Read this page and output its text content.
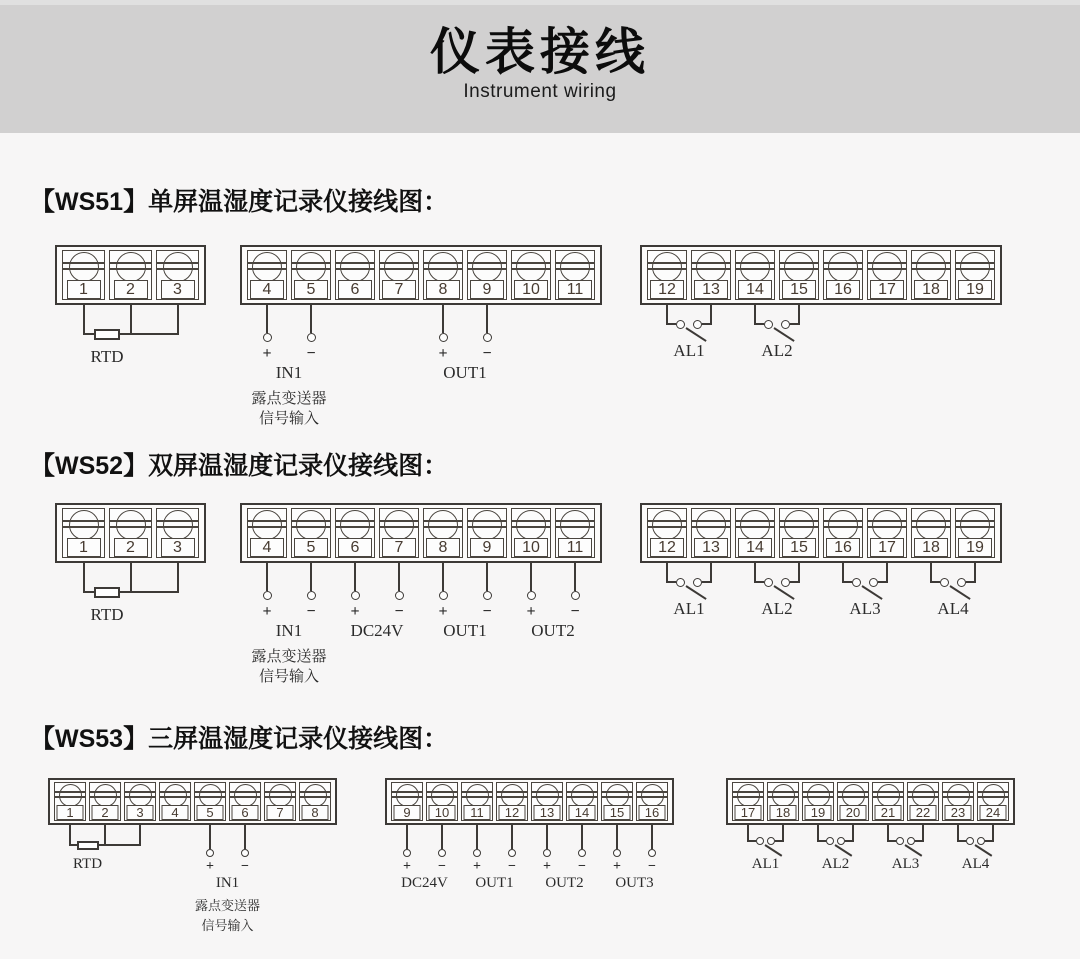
仪表接线
Instrument wiring
【WS51】单屏温湿度记录仪接线图：
1	2	3
RTD
4	5	6	7	8	9	10	11
+ −
IN1
露点变送器
信号输入
+ −
OUT1
12	13	14	15	16	17	18	19
AL1	AL2
【WS52】双屏温湿度记录仪接线图：
1	2	3
RTD
4	5	6	7	8	9	10	11
+ −
IN1
露点变送器
信号输入
+ −
DC24V
+ −
OUT1
+ −
OUT2
12	13	14	15	16	17	18	19
AL1	AL2	AL3	AL4
【WS53】三屏温湿度记录仪接线图：
1	2	3	4	5	6	7	8
RTD	+ −
IN1
露点变送器
信号输入
9	10	11	12	13	14	15	16
+ −
DC24V
+ −
OUT1
+ −
OUT2
+ −
OUT3
17	18	19	20	21	22	23	24
AL1	AL2	AL3	AL4
